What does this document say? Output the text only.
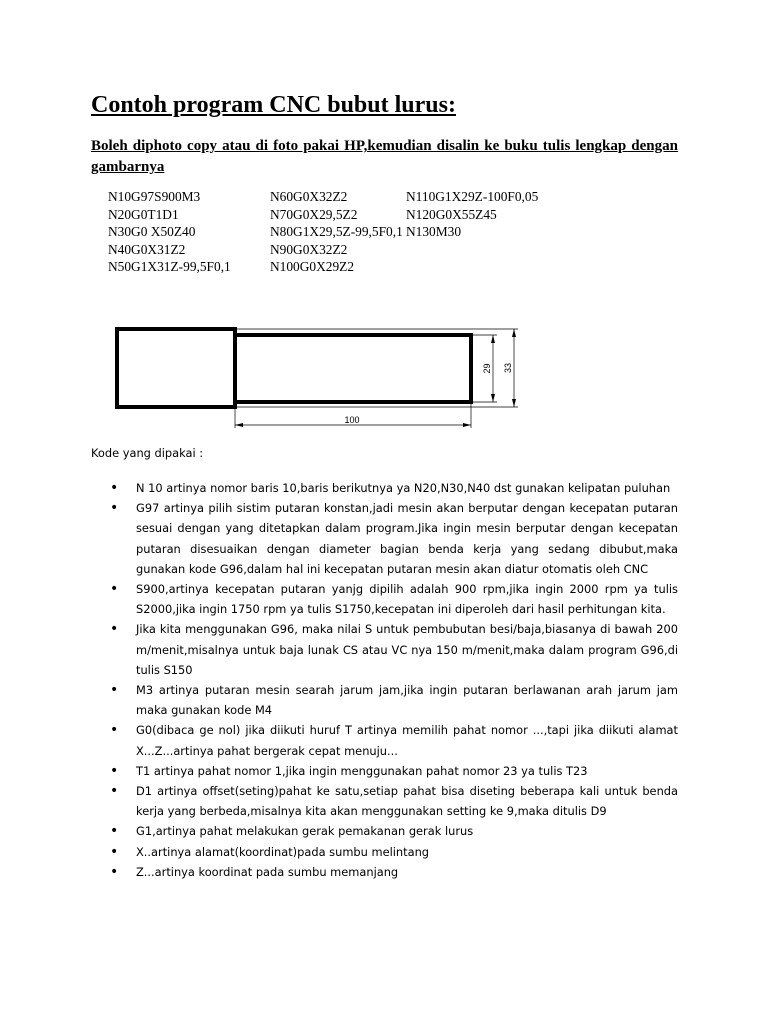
Contoh program CNC bubut lurus:

Boleh diphoto copy atau di foto pakai HP,kemudian disalin ke buku tulis lengkap dengan gambarnya

N10G97S900M3
N20G0T1D1
N30G0 X50Z40
N40G0X31Z2
N50G1X31Z-99,5F0,1
N60G0X32Z2
N70G0X29,5Z2
N80G1X29,5Z-99,5F0,1
N90G0X32Z2
N100G0X29Z2
N110G1X29Z-100F0,05
N120G0X55Z45
N130M30
100
29 33
Kode yang dipakai :
• N 10 artinya nomor baris 10,baris berikutnya ya N20,N30,N40 dst gunakan kelipatan puluhan
• G97 artinya pilih sistim putaran konstan,jadi mesin akan berputar dengan kecepatan putaran sesuai dengan yang ditetapkan dalam program.Jika ingin mesin berputar dengan kecepatan putaran disesuaikan dengan diameter bagian benda kerja yang sedang dibubut,maka gunakan kode G96,dalam hal ini kecepatan putaran mesin akan diatur otomatis oleh CNC
• S900,artinya kecepatan putaran yanjg dipilih adalah 900 rpm,jika ingin 2000 rpm ya tulis S2000,jika ingin 1750 rpm ya tulis S1750,kecepatan ini diperoleh dari hasil perhitungan kita.
• Jika kita menggunakan G96, maka nilai S untuk pembubutan besi/baja,biasanya di bawah 200 m/menit,misalnya untuk baja lunak CS atau VC nya 150 m/menit,maka dalam program G96,di tulis S150
• M3 artinya putaran mesin searah jarum jam,jika ingin putaran berlawanan arah jarum jam maka gunakan kode M4
• G0(dibaca ge nol) jika diikuti huruf T artinya memilih pahat nomor ...,tapi jika diikuti alamat X...Z...artinya pahat bergerak cepat menuju...
• T1 artinya pahat nomor 1,jika ingin menggunakan pahat nomor 23 ya tulis T23
• D1 artinya offset(seting)pahat ke satu,setiap pahat bisa diseting beberapa kali untuk benda kerja yang berbeda,misalnya kita akan menggunakan setting ke 9,maka ditulis D9
• G1,artinya pahat melakukan gerak pemakanan gerak lurus
• X..artinya alamat(koordinat)pada sumbu melintang
• Z...artinya koordinat pada sumbu memanjang
